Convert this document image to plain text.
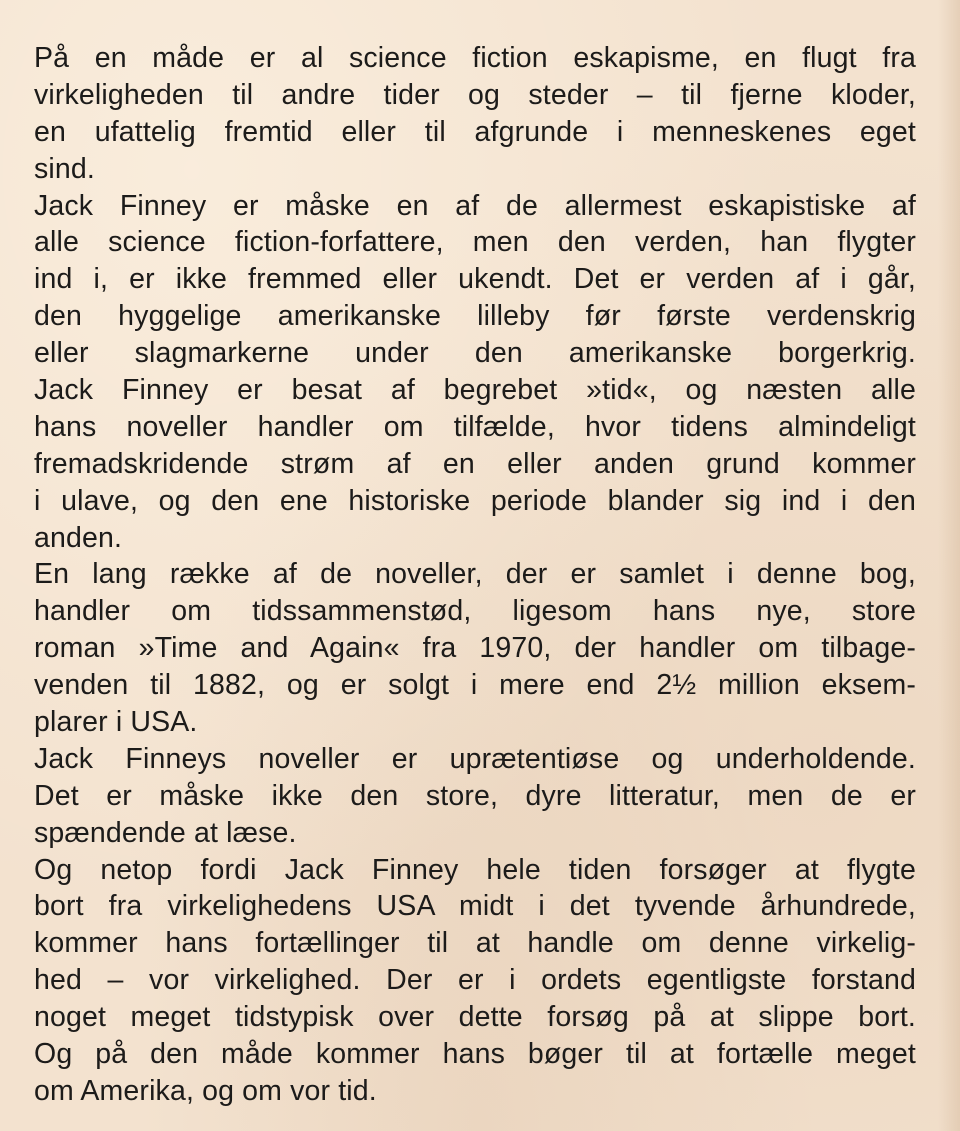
På en måde er al science fiction eskapisme, en flugt fra
virkeligheden til andre tider og steder – til fjerne kloder,
en ufattelig fremtid eller til afgrunde i menneskenes eget
sind.
Jack Finney er måske en af de allermest eskapistiske af
alle science fiction-forfattere, men den verden, han flygter
ind i, er ikke fremmed eller ukendt. Det er verden af i går,
den hyggelige amerikanske lilleby før første verdenskrig
eller slagmarkerne under den amerikanske borgerkrig.
Jack Finney er besat af begrebet »tid«, og næsten alle
hans noveller handler om tilfælde, hvor tidens almindeligt
fremadskridende strøm af en eller anden grund kommer
i ulave, og den ene historiske periode blander sig ind i den
anden.
En lang række af de noveller, der er samlet i denne bog,
handler om tidssammenstød, ligesom hans nye, store
roman »Time and Again« fra 1970, der handler om tilbage-
venden til 1882, og er solgt i mere end 2½ million eksem-
plarer i USA.
Jack Finneys noveller er uprætentiøse og underholdende.
Det er måske ikke den store, dyre litteratur, men de er
spændende at læse.
Og netop fordi Jack Finney hele tiden forsøger at flygte
bort fra virkelighedens USA midt i det tyvende århundrede,
kommer hans fortællinger til at handle om denne virkelig-
hed – vor virkelighed. Der er i ordets egentligste forstand
noget meget tidstypisk over dette forsøg på at slippe bort.
Og på den måde kommer hans bøger til at fortælle meget
om Amerika, og om vor tid.
